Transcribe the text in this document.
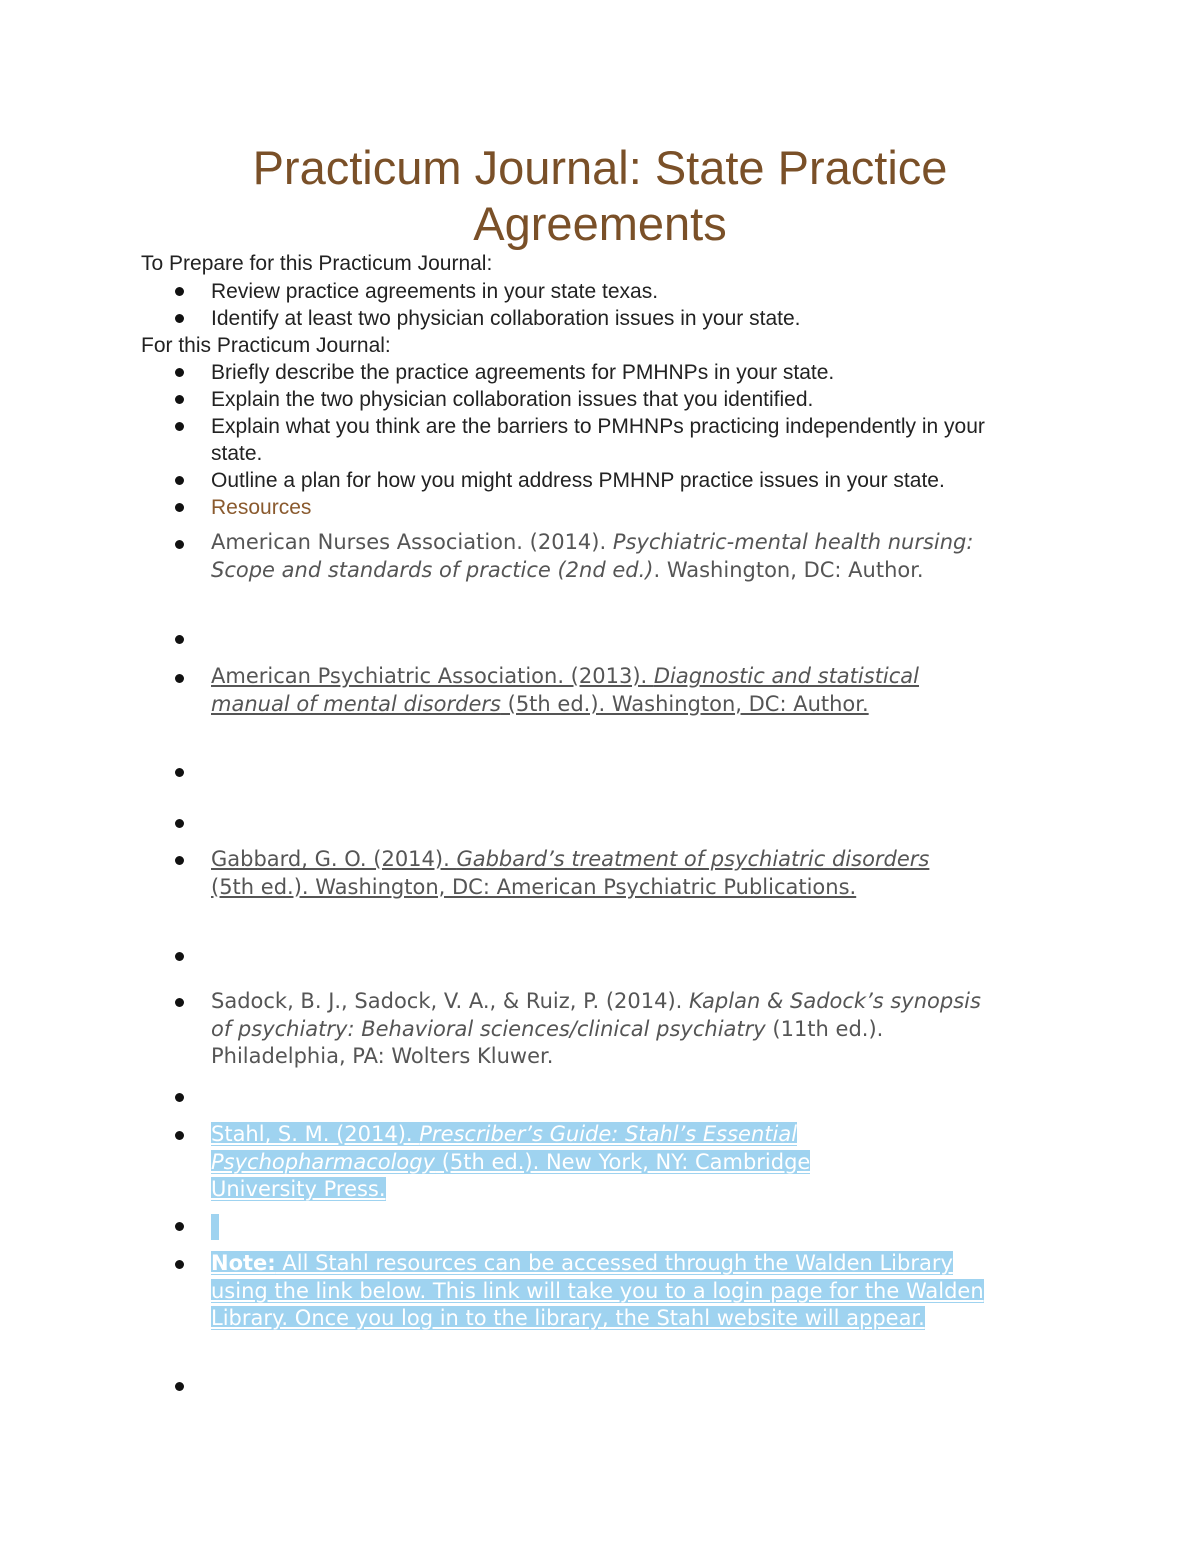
Practicum Journal: State Practice Agreements

To Prepare for this Practicum Journal:

Review practice agreements in your state texas.

Identify at least two physician collaboration issues in your state.

For this Practicum Journal:

Briefly describe the practice agreements for PMHNPs in your state.

Explain the two physician collaboration issues that you identified.

Explain what you think are the barriers to PMHNPs practicing independently in your state.

Outline a plan for how you might address PMHNP practice issues in your state.

Resources

American Nurses Association. (2014). Psychiatric-mental health nursing: Scope and standards of practice (2nd ed.). Washington, DC: Author.

American Psychiatric Association. (2013). Diagnostic and statistical manual of mental disorders (5th ed.). Washington, DC: Author.

Gabbard, G. O. (2014). Gabbard’s treatment of psychiatric disorders (5th ed.). Washington, DC: American Psychiatric Publications.

Sadock, B. J., Sadock, V. A., & Ruiz, P. (2014). Kaplan & Sadock’s synopsis of psychiatry: Behavioral sciences/clinical psychiatry (11th ed.). Philadelphia, PA: Wolters Kluwer.

Stahl, S. M. (2014). Prescriber’s Guide: Stahl’s Essential Psychopharmacology (5th ed.). New York, NY: Cambridge University Press.

Note: All Stahl resources can be accessed through the Walden Library using the link below. This link will take you to a login page for the Walden Library. Once you log in to the library, the Stahl website will appear.
